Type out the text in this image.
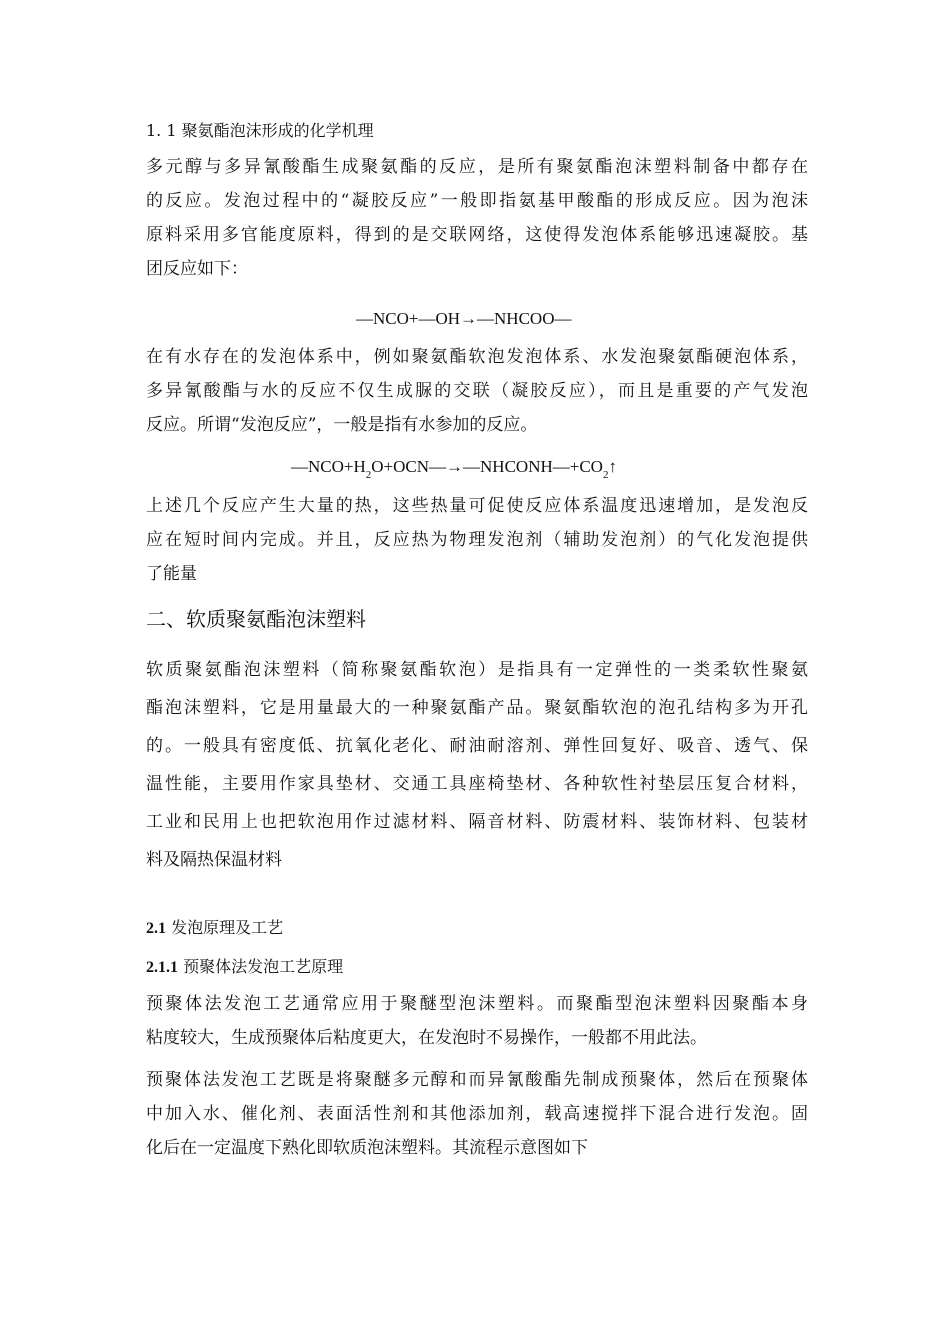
1. 1 聚氨酯泡沫形成的化学机理
多元醇与多异氰酸酯生成聚氨酯的反应，是所有聚氨酯泡沫塑料制备中都存在
的反应。发泡过程中的“凝胶反应”一般即指氨基甲酸酯的形成反应。因为泡沫
原料采用多官能度原料，得到的是交联网络，这使得发泡体系能够迅速凝胶。基
团反应如下：
—NCO+—OH→—NHCOO—
在有水存在的发泡体系中，例如聚氨酯软泡发泡体系、水发泡聚氨酯硬泡体系，
多异氰酸酯与水的反应不仅生成脲的交联（凝胶反应），而且是重要的产气发泡
反应。所谓“发泡反应”，一般是指有水参加的反应。
$—NCO+H_2O+OCN—\to—NHCONH—+CO_2↑$
上述几个反应产生大量的热，这些热量可促使反应体系温度迅速增加，是发泡反
应在短时间内完成。并且，反应热为物理发泡剂（辅助发泡剂）的气化发泡提供
了能量
二、软质聚氨酯泡沫塑料
软质聚氨酯泡沫塑料（简称聚氨酯软泡）是指具有一定弹性的一类柔软性聚氨
酯泡沫塑料，它是用量最大的一种聚氨酯产品。聚氨酯软泡的泡孔结构多为开孔
的。一般具有密度低、抗氧化老化、耐油耐溶剂、弹性回复好、吸音、透气、保
温性能，主要用作家具垫材、交通工具座椅垫材、各种软性衬垫层压复合材料，
工业和民用上也把软泡用作过滤材料、隔音材料、防震材料、装饰材料、包装材
料及隔热保温材料
2.1 发泡原理及工艺
2.1.1 预聚体法发泡工艺原理
预聚体法发泡工艺通常应用于聚醚型泡沫塑料。而聚酯型泡沫塑料因聚酯本身
粘度较大，生成预聚体后粘度更大，在发泡时不易操作，一般都不用此法。
预聚体法发泡工艺既是将聚醚多元醇和而异氰酸酯先制成预聚体，然后在预聚体
中加入水、催化剂、表面活性剂和其他添加剂，载高速搅拌下混合进行发泡。固
化后在一定温度下熟化即软质泡沫塑料。其流程示意图如下
